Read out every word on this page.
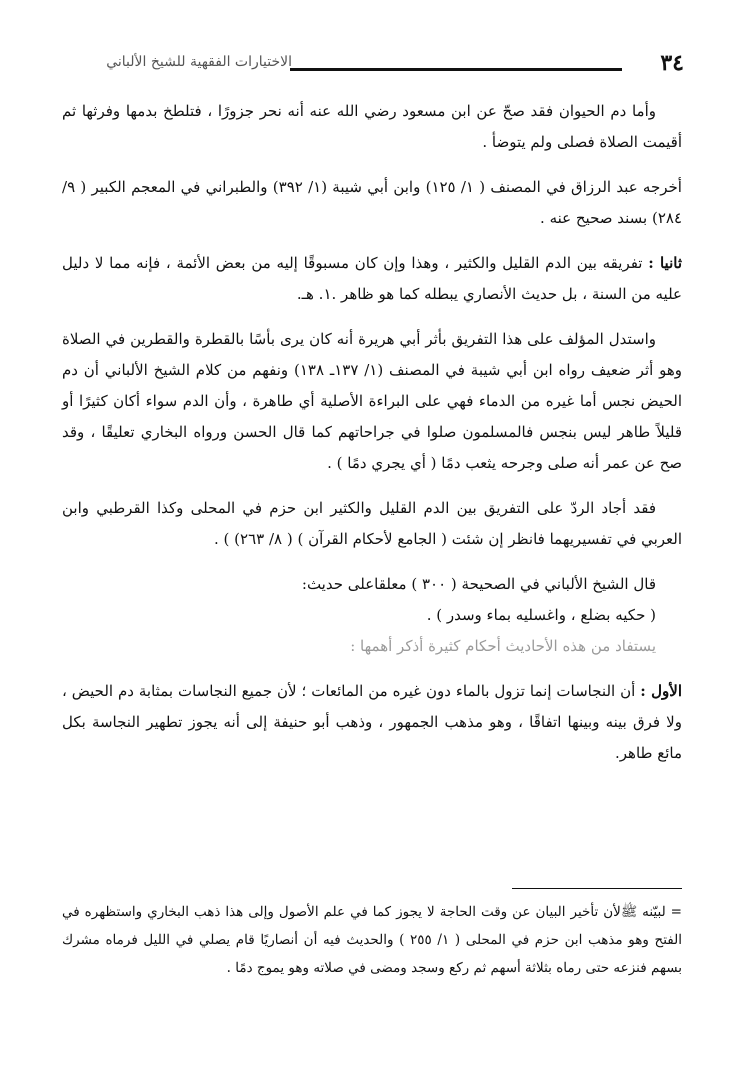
٣٤
الاختيارات الفقهية للشيخ الألباني

وأما دم الحيوان فقد صحّ عن ابن مسعود رضي الله عنه أنه نحر جزورًا ، فتلطخ بدمها وفرثها ثم أقيمت الصلاة فصلى ولم يتوضأ .

أخرجه عبد الرزاق في المصنف ( ١/ ١٢٥) وابن أبي شيبة (١/ ٣٩٢) والطبراني في المعجم الكبير ( ٩/ ٢٨٤) بسند صحيح عنه .

ثانيا : تفريقه بين الدم القليل والكثير ، وهذا وإن كان مسبوقًا إليه من بعض الأئمة ، فإنه مما لا دليل عليه من السنة ، بل حديث الأنصاري يبطله كما هو ظاهر .١. هـ.

واستدل المؤلف على هذا التفريق بأثر أبي هريرة أنه كان يرى بأسًا بالقطرة والقطرين في الصلاة وهو أثر ضعيف رواه ابن أبي شيبة في المصنف (١/ ١٣٧ـ ١٣٨) ونفهم من كلام الشيخ الألباني أن دم الحيض نجس أما غيره من الدماء فهي على البراءة الأصلية أي طاهرة ، وأن الدم سواء أكان كثيرًا أو قليلاً طاهر ليس بنجس فالمسلمون صلوا في جراحاتهم كما قال الحسن ورواه البخاري تعليقًا ، وقد صح عن عمر أنه صلى وجرحه يثعب دمًا ( أي يجري دمًا ) .

فقد أجاد الردّ على التفريق بين الدم القليل والكثير ابن حزم في المحلى وكذا القرطبي وابن العربي في تفسيريهما فانظر إن شئت ( الجامع لأحكام القرآن ) ( ٨/ ٢٦٣) ) .

قال الشيخ الألباني في الصحيحة ( ٣٠٠ ) معلقاعلى حديث:

( حكيه بضلع ، واغسليه بماء وسدر ) .

يستفاد من هذه الأحاديث أحكام كثيرة أذكر أهمها :

الأول : أن النجاسات إنما تزول بالماء دون غيره من المائعات ؛ لأن جميع النجاسات بمثابة دم الحيض ، ولا فرق بينه وبينها اتفاقًا ، وهو مذهب الجمهور ، وذهب أبو حنيفة إلى أنه يجوز تطهير النجاسة بكل مائع طاهر.

= لبيّنه ﷺلأن تأخير البيان عن وقت الحاجة لا يجوز كما في علم الأصول وإلى هذا ذهب البخاري واستظهره في الفتح وهو مذهب ابن حزم في المحلى ( ١/ ٢٥٥ ) والحديث فيه أن أنصاريًا قام يصلي في الليل فرماه مشرك بسهم فنزعه حتى رماه بثلاثة أسهم ثم ركع وسجد ومضى في صلاته وهو يموج دمًا .
